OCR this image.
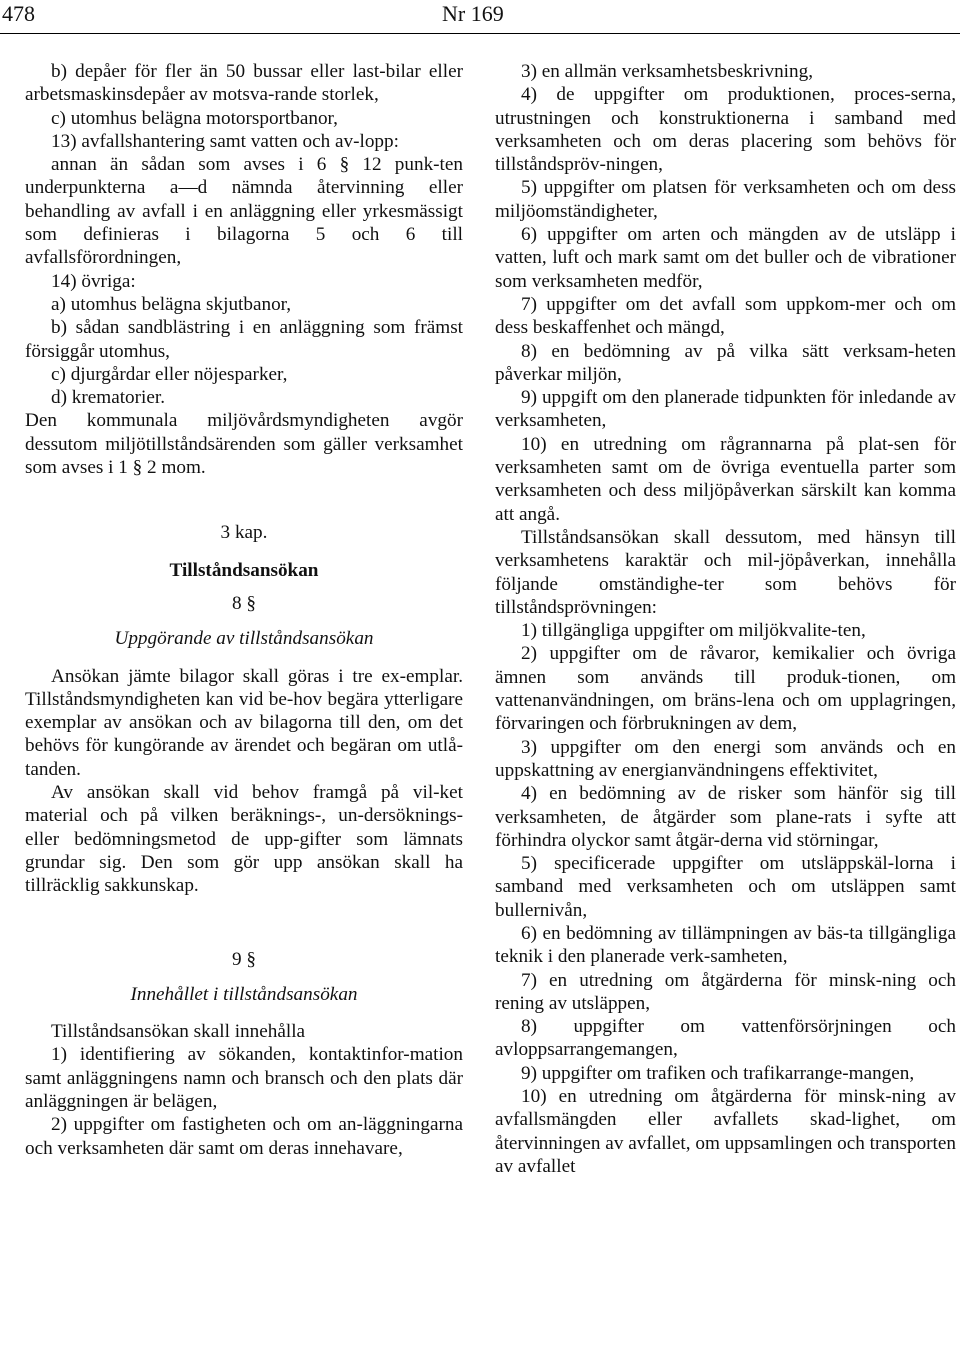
478	Nr 169

b) depåer för fler än 50 bussar eller last-bilar eller arbetsmaskinsdepåer av motsva-rande storlek,

c) utomhus belägna motorsportbanor,

13) avfallshantering samt vatten och av-lopp:

annan än sådan som avses i 6 § 12 punk-ten underpunkterna a—d nämnda återvinning eller behandling av avfall i en anläggning eller yrkesmässigt som definieras i bilagorna 5 och 6 till avfallsförordningen,

14) övriga:

a) utomhus belägna skjutbanor,

b) sådan sandblästring i en anläggning som främst försiggår utomhus,

c) djurgårdar eller nöjesparker,

d) krematorier.

Den kommunala miljövårdsmyndigheten avgör dessutom miljötillståndsärenden som gäller verksamhet som avses i 1 § 2 mom.

3 kap.

Tillståndsansökan

8 §

Uppgörande av tillståndsansökan

Ansökan jämte bilagor skall göras i tre ex-emplar. Tillståndsmyndigheten kan vid be-hov begära ytterligare exemplar av ansökan och av bilagorna till den, om det behövs för kungörande av ärendet och begäran om utlå-tanden.

Av ansökan skall vid behov framgå på vil-ket material och på vilken beräknings-, un-dersöknings- eller bedömningsmetod de upp-gifter som lämnats grundar sig. Den som gör upp ansökan skall ha tillräcklig sakkunskap.

9 §

Innehållet i tillståndsansökan

Tillståndsansökan skall innehålla

1) identifiering av sökanden, kontaktinfor-mation samt anläggningens namn och bransch och den plats där anläggningen är belägen,

2) uppgifter om fastigheten och om an-läggningarna och verksamheten där samt om deras innehavare,

3) en allmän verksamhetsbeskrivning,

4) de uppgifter om produktionen, proces-serna, utrustningen och konstruktionerna i samband med verksamheten och om deras placering som behövs för tillståndspröv-ningen,

5) uppgifter om platsen för verksamheten och om dess miljöomständigheter,

6) uppgifter om arten och mängden av de utsläpp i vatten, luft och mark samt om det buller och de vibrationer som verksamheten medför,

7) uppgifter om det avfall som uppkom-mer och om dess beskaffenhet och mängd,

8) en bedömning av på vilka sätt verksam-heten påverkar miljön,

9) uppgift om den planerade tidpunkten för inledande av verksamheten,

10) en utredning om rågrannarna på plat-sen för verksamheten samt om de övriga eventuella parter som verksamheten och dess miljöpåverkan särskilt kan komma att angå.

Tillståndsansökan skall dessutom, med hänsyn till verksamhetens karaktär och mil-jöpåverkan, innehålla följande omständighe-ter som behövs för tillståndsprövningen:

1) tillgängliga uppgifter om miljökvalite-ten,

2) uppgifter om de råvaror, kemikalier och övriga ämnen som används till produk-tionen, om vattenanvändningen, om bräns-lena och om upplagringen, förvaringen och förbrukningen av dem,

3) uppgifter om den energi som används och en uppskattning av energianvändningens effektivitet,

4) en bedömning av de risker som hänför sig till verksamheten, de åtgärder som plane-rats i syfte att förhindra olyckor samt åtgär-derna vid störningar,

5) specificerade uppgifter om utsläppskäl-lorna i samband med verksamheten och om utsläppen samt bullernivån,

6) en bedömning av tillämpningen av bäs-ta tillgängliga teknik i den planerade verk-samheten,

7) en utredning om åtgärderna för minsk-ning och rening av utsläppen,

8) uppgifter om vattenförsörjningen och avloppsarrangemangen,

9) uppgifter om trafiken och trafikarrange-mangen,

10) en utredning om åtgärderna för minsk-ning av avfallsmängden eller avfallets skad-lighet, om återvinningen av avfallet, om uppsamlingen och transporten av avfallet
